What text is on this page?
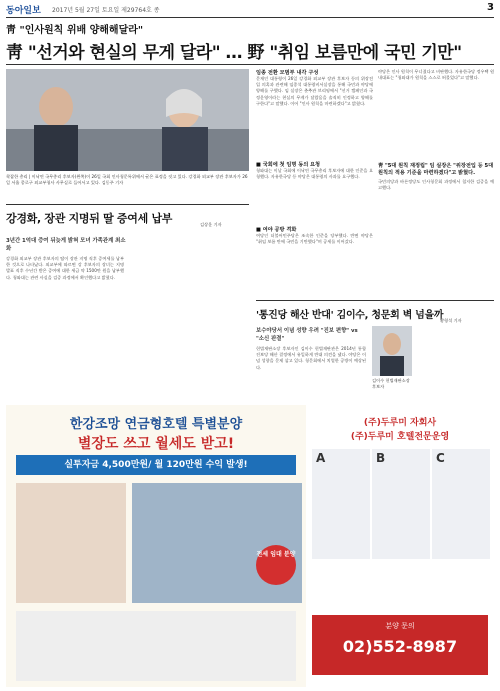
동아일보 2017년 5월 27일 토요일 제29764호 종	3
靑 "인사원칙 위배 양해해달라"
靑 "선거와 현실의 무게 달라" … 野 "취임 보름만에 국민 기만"
착잡한 총리 | 이낙연 국무총리 후보자(왼쪽)이 26일 국회 인사청문특위에서 굳은 표정을 짓고 있다. 강경화 외교부 장관 후보자가 26일 서울 종로구 외교부청사 사무실로 들어서고 있다. 김동주 기자
임종 전환 모범부 내각 구성
문재인 대통령이 26일 강경화 외교부 장관 후보자 등의 위장전입 의혹과 관련해 임종석 대통령비서실장을 통해 국민과 야당에 양해를 구했다. 임 실장은 춘추관 브리핑에서 "선거 캠페인과 국정운영이라는 현실의 무게가 달랐음을 솔직히 인정하고 양해를 구한다"고 말했다. 이어 "인사 원칙을 마련하겠다"고 밝혔다.
■ 국회에 첫 임명 동의 요청
청와대는 이날 국회에 이낙연 국무총리 후보자에 대한 인준을 요청했다. 자유한국당 등 야당은 대통령의 사과를 요구했다.
■ 여야 공방 격화
여당인 더불어민주당은 조속한 인준을 당부했다. 반면 야당은 "취임 보름 만에 국민을 기만했다"며 공세를 이어갔다.
야당은 인사 원칙이 무너졌다고 비판했다. 자유한국당 정우택 원내대표는 "청와대가 원칙을 스스로 허물었다"고 말했다.
靑 "5대 원칙 재정립" 임 실장은 "위장전입 등 5대 원칙의 적용 기준을 마련하겠다"고 밝혔다.
국민의당과 바른정당도 인사청문회 과정에서 철저한 검증을 예고했다.
강경화, 장관 지명뒤 딸 증여세 납부	김상운 기자
3년간 1억대 증여 뒤늦게 밝혀 모녀 가족관계 최소화
강경화 외교부 장관 후보자의 딸이 장관 지명 직후 증여세를 납부한 것으로 나타났다. 외교부에 따르면 강 후보자의 장녀는 지명 발표 직후 수년간 받은 증여에 대한 세금 약 1500만 원을 납부했다. 청와대는 관련 사실을 검증 과정에서 확인했다고 밝혔다.
'통진당 해산 반대' 김이수, 청문회 벽 넘을까
황형석 기자
보수야당서 이념 성향 우려 "진보 편향" vs "소신 판결"
헌법재판소장 후보자인 김이수 헌법재판관은 2014년 통합진보당 해산 결정에서 유일하게 반대 의견을 냈다. 야당은 이념 성향을 문제 삼고 있다. 청문회에서 치열한 공방이 예상된다.
김이수 헌법재판소장 후보자
한강조망 연금형호텔 특별분양
별장도 쓰고 월세도 받고!
실투자금 4,500만원/ 월 120만원 수익 발생!
전세 임대 분양
(주)두루미 자회사
(주)두루미 호텔전문운영
A	B	C
분양 문의
02)552-8987
